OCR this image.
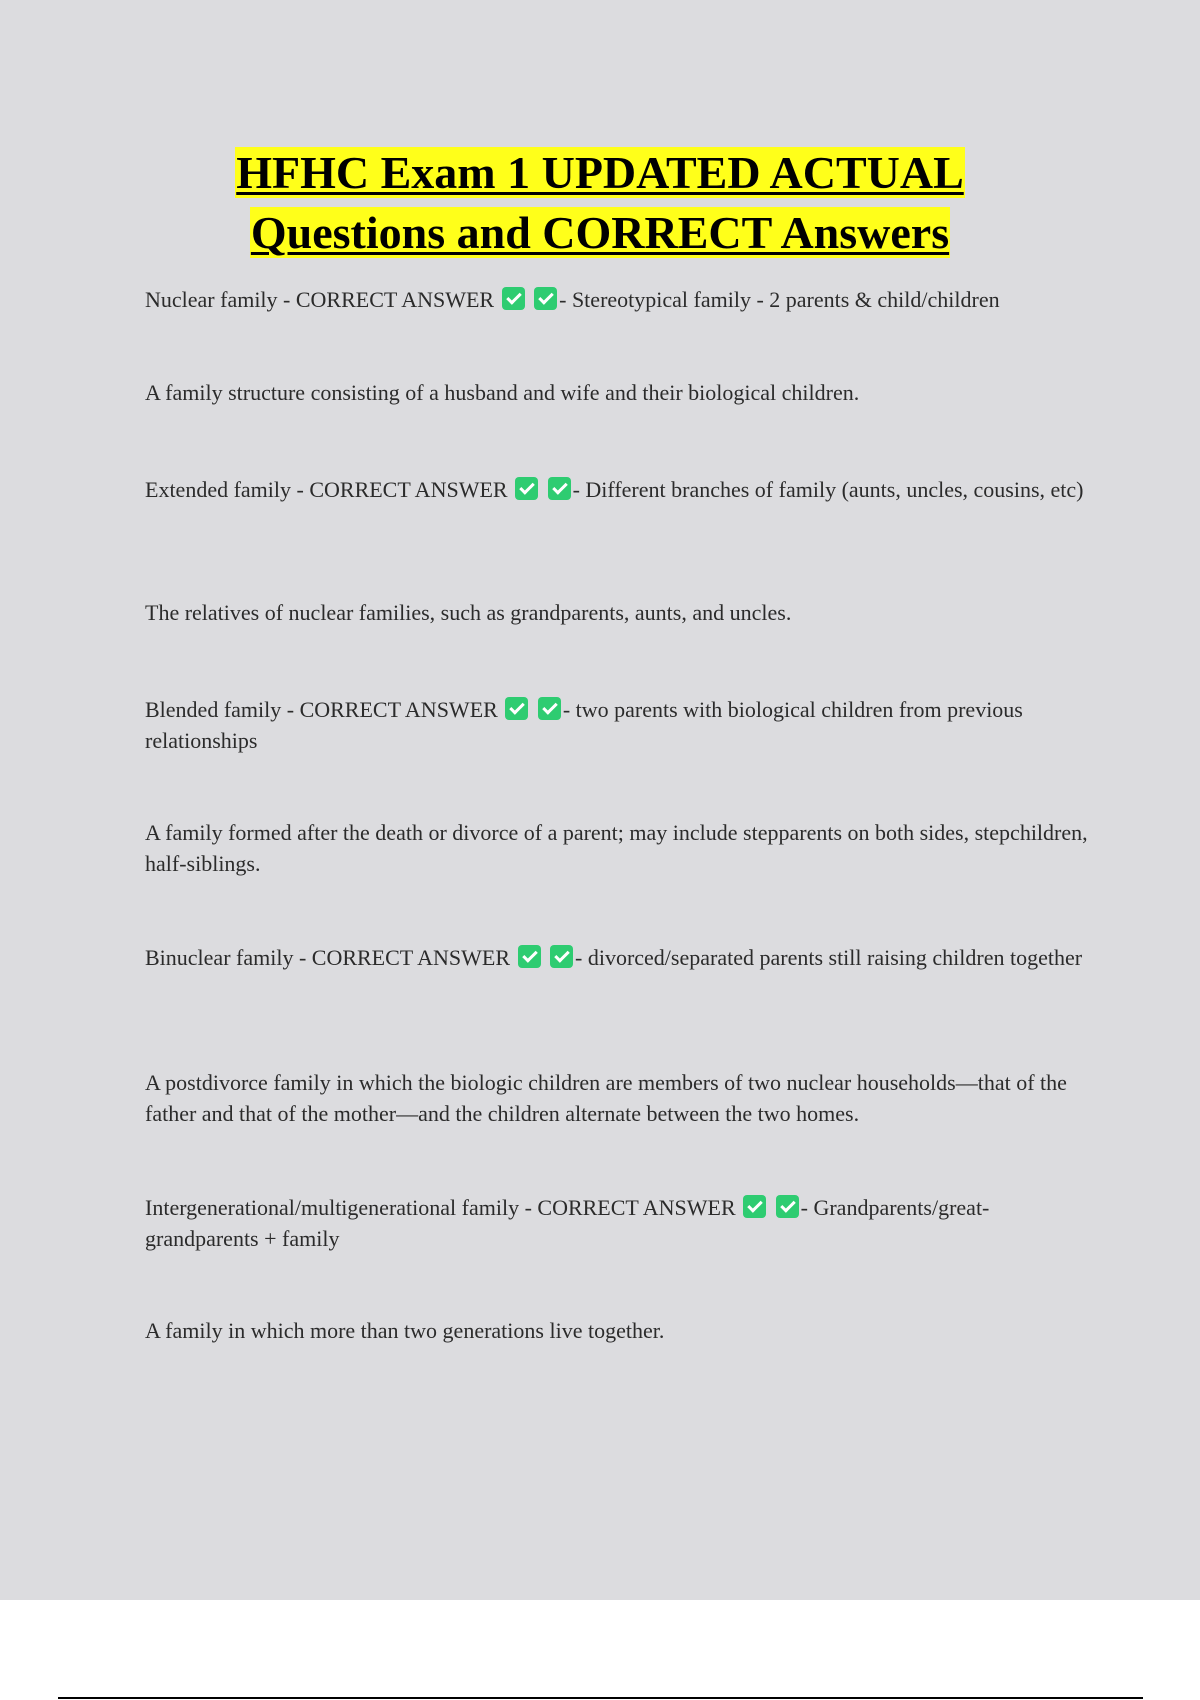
HFHC Exam 1 UPDATED ACTUAL
Questions and CORRECT Answers

Nuclear family - CORRECT ANSWER	- Stereotypical family - 2 parents & child/children

A family structure consisting of a husband and wife and their biological children.

Extended family - CORRECT ANSWER	- Different branches of family (aunts, uncles, cousins, etc)

The relatives of nuclear families, such as grandparents, aunts, and uncles.

Blended family - CORRECT ANSWER	- two parents with biological children from previous relationships

A family formed after the death or divorce of a parent; may include stepparents on both sides, stepchildren, half-siblings.

Binuclear family - CORRECT ANSWER	- divorced/separated parents still raising children together

A postdivorce family in which the biologic children are members of two nuclear households—that of the father and that of the mother—and the children alternate between the two homes.

Intergenerational/multigenerational family - CORRECT ANSWER	- Grandparents/great-grandparents + family

A family in which more than two generations live together.
